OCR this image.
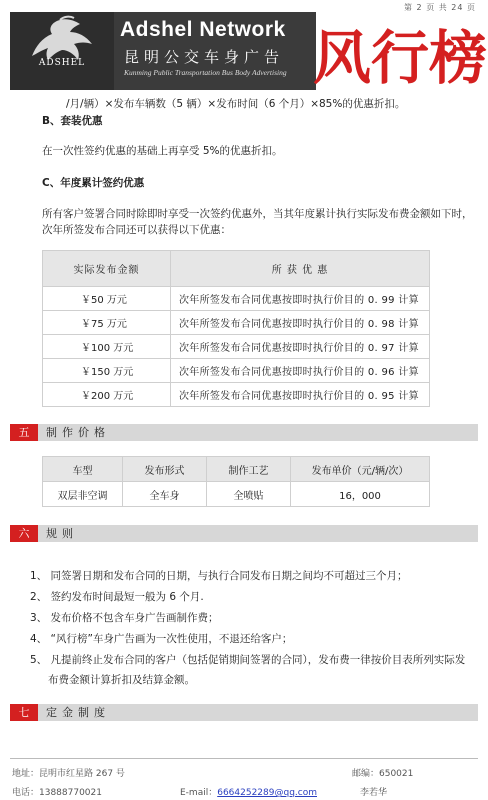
第 2 页 共 24 页
ADSHEL
Adshel Network
昆明公交车身广告
Kunming Public Transportation Bus Body Advertising 风行榜
/月/辆）×发布车辆数（5 辆）×发布时间（6 个月）×85%的优惠折扣。
B、套装优惠
在一次性签约优惠的基础上再享受 5%的优惠折扣。
C、年度累计签约优惠
所有客户签署合同时除即时享受一次签约优惠外，当其年度累计执行实际发布费金额如下时，
次年所签发布合同还可以获得以下优惠：
实际发布金额	所 获 优 惠
￥50 万元	次年所签发布合同优惠按即时执行价目的 0. 99 计算
￥75 万元	次年所签发布合同优惠按即时执行价目的 0. 98 计算
￥100 万元	次年所签发布合同优惠按即时执行价目的 0. 97 计算
￥150 万元	次年所签发布合同优惠按即时执行价目的 0. 96 计算
￥200 万元	次年所签发布合同优惠按即时执行价目的 0. 95 计算
五	制作价格
车型	发布形式	制作工艺	发布单价（元/辆/次）
双层非空调	全车身	全喷贴	16，000
六	规则
1、 同签署日期和发布合同的日期，与执行合同发布日期之间均不可超过三个月；
2、 签约发布时间最短一般为 6 个月.
3、 发布价格不包含车身广告画制作费；
4、 “风行榜”车身广告画为一次性使用，不退还给客户；
5、 凡提前终止发布合同的客户（包括促销期间签署的合同），发布费一律按价目表所列实际发
布费金额计算折扣及结算金额。
七	定金制度
地址：昆明市红星路 267 号	邮编：650021
电话：13888770021	E-mail：6664252289@qq.com	李若华
